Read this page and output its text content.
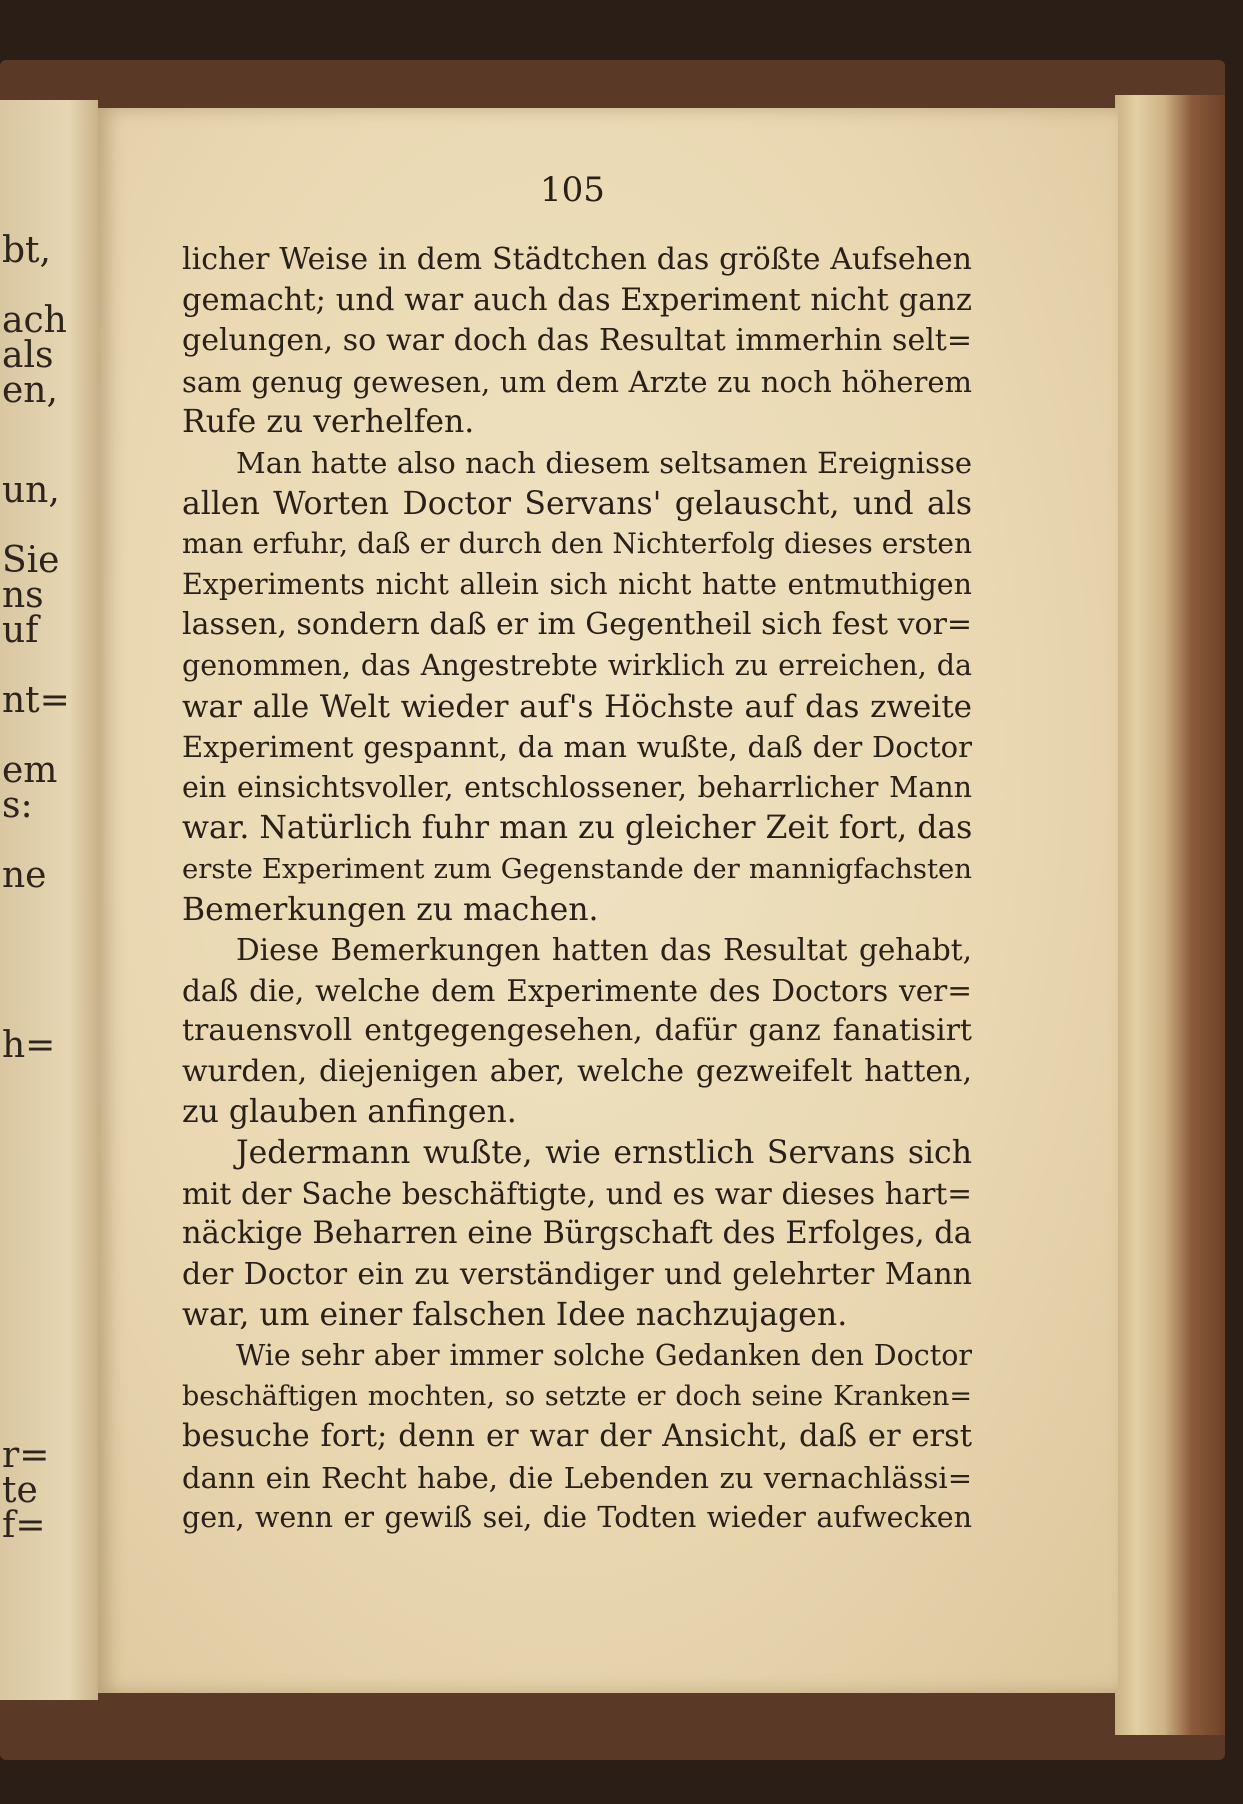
bt,
ach
als
en,
un,
Sie
ns
uf
nt=
em
s:
ne
h=
r=
te
f=
105
licher Weise in dem Städtchen das größte Aufsehen
gemacht; und war auch das Experiment nicht ganz
gelungen, so war doch das Resultat immerhin selt=
sam genug gewesen, um dem Arzte zu noch höherem
Rufe zu verhelfen.
Man hatte also nach diesem seltsamen Ereignisse
allen Worten Doctor Servans' gelauscht, und als
man erfuhr, daß er durch den Nichterfolg dieses ersten
Experiments nicht allein sich nicht hatte entmuthigen
lassen, sondern daß er im Gegentheil sich fest vor=
genommen, das Angestrebte wirklich zu erreichen, da
war alle Welt wieder auf's Höchste auf das zweite
Experiment gespannt, da man wußte, daß der Doctor
ein einsichtsvoller, entschlossener, beharrlicher Mann
war. Natürlich fuhr man zu gleicher Zeit fort, das
erste Experiment zum Gegenstande der mannigfachsten
Bemerkungen zu machen.
Diese Bemerkungen hatten das Resultat gehabt,
daß die, welche dem Experimente des Doctors ver=
trauensvoll entgegengesehen, dafür ganz fanatisirt
wurden, diejenigen aber, welche gezweifelt hatten,
zu glauben anfingen.
Jedermann wußte, wie ernstlich Servans sich
mit der Sache beschäftigte, und es war dieses hart=
näckige Beharren eine Bürgschaft des Erfolges, da
der Doctor ein zu verständiger und gelehrter Mann
war, um einer falschen Idee nachzujagen.
Wie sehr aber immer solche Gedanken den Doctor
beschäftigen mochten, so setzte er doch seine Kranken=
besuche fort; denn er war der Ansicht, daß er erst
dann ein Recht habe, die Lebenden zu vernachlässi=
gen, wenn er gewiß sei, die Todten wieder aufwecken
